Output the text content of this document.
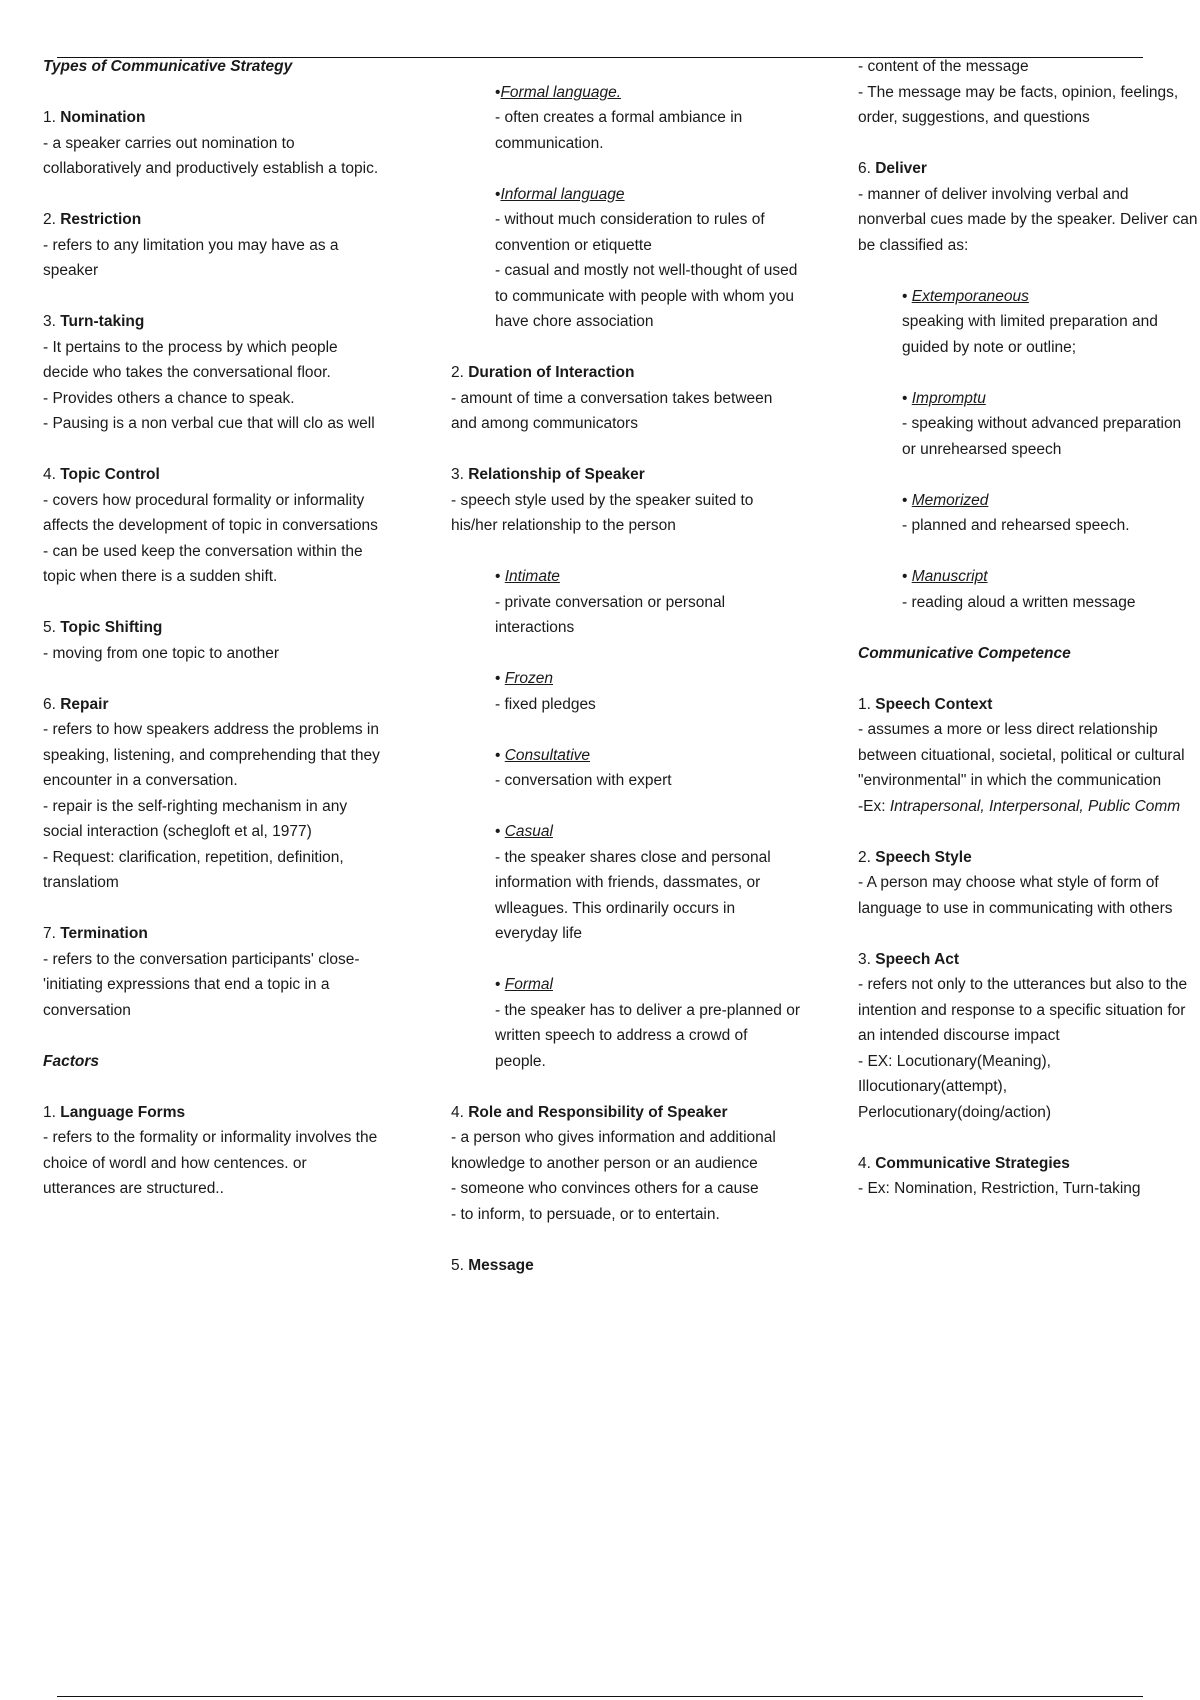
Types of Communicative Strategy
1. Nomination
- a speaker carries out nomination to collaboratively and productively establish a topic.
2. Restriction
- refers to any limitation you may have as a speaker
3. Turn-taking
- It pertains to the process by which people decide who takes the conversational floor.
- Provides others a chance to speak.
- Pausing is a non verbal cue that will clo as well
4. Topic Control
- covers how procedural formality or informality affects the development of topic in conversations
- can be used keep the conversation within the topic when there is a sudden shift.
5. Topic Shifting
- moving from one topic to another
6. Repair
- refers to how speakers address the problems in speaking, listening, and comprehending that they encounter in a conversation.
- repair is the self-righting mechanism in any social interaction (schegloft et al, 1977)
- Request: clarification, repetition, definition, translatiom
7. Termination
- refers to the conversation participants' close- 'initiating expressions that end a topic in a conversation
Factors
1. Language Forms
- refers to the formality or informality involves the choice of wordl and how centences. or utterances are structured..
•Formal language.
- often creates a formal ambiance in communication.
•Informal language
- without much consideration to rules of convention or etiquette
- casual and mostly not well-thought of used to communicate with people with whom you have chore association
2. Duration of Interaction
- amount of time a conversation takes between and among communicators
3. Relationship of Speaker
- speech style used by the speaker suited to his/her relationship to the person
• Intimate
- private conversation or personal interactions
• Frozen
- fixed pledges
• Consultative
- conversation with expert
• Casual
- the speaker shares close and personal information with friends, dassmates, or wlleagues. This ordinarily occurs in everyday life
• Formal
- the speaker has to deliver a pre-planned or written speech to address a crowd of people.
4. Role and Responsibility of Speaker
- a person who gives information and additional knowledge to another person or an audience
- someone who convinces others for a cause
- to inform, to persuade, or to entertain.
5. Message
- content of the message
- The message may be facts, opinion, feelings, order, suggestions, and questions
6. Deliver
- manner of deliver involving verbal and nonverbal cues made by the speaker. Deliver can be classified as:
• Extemporaneous
speaking with limited preparation and guided by note or outline;
• Impromptu
- speaking without advanced preparation or unrehearsed speech
• Memorized
- planned and rehearsed speech.
• Manuscript
- reading aloud a written message
Communicative Competence
1. Speech Context
- assumes a more or less direct relationship between cituational, societal, political or cultural "environmental" in which the communication
-Ex: Intrapersonal, Interpersonal, Public Comm
2. Speech Style
- A person may choose what style of form of language to use in communicating with others
3. Speech Act
- refers not only to the utterances but also to the intention and response to a specific situation for an intended discourse impact
- EX: Locutionary(Meaning), Illocutionary(attempt), Perlocutionary(doing/action)
4. Communicative Strategies
- Ex: Nomination, Restriction, Turn-taking
